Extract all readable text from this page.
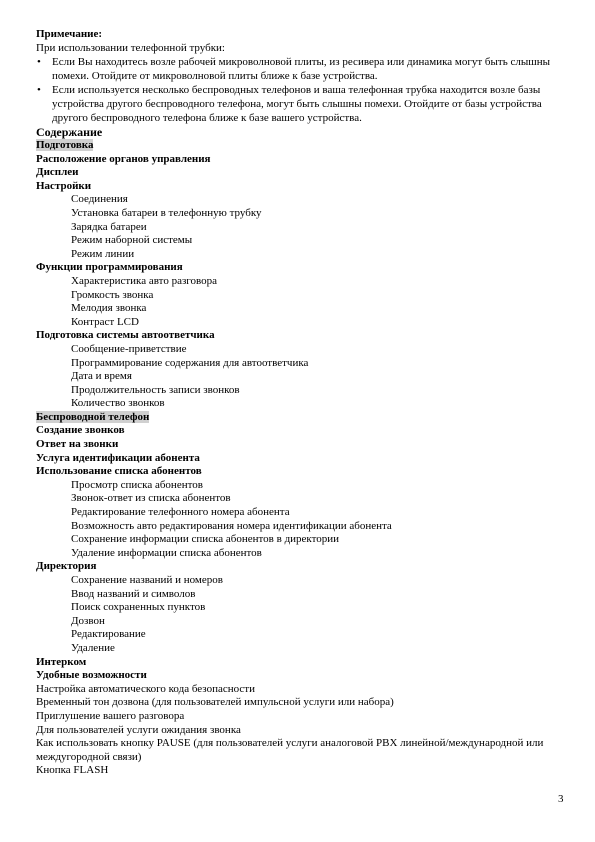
Примечание:
При использовании телефонной трубки:
• Если Вы находитесь возле рабочей микроволновой плиты, из ресивера или динамика могут быть слышны помехи. Отойдите от микроволновой плиты ближе к базе устройства.
• Если используется несколько беспроводных телефонов и ваша телефонная трубка находится возле базы устройства другого беспроводного телефона, могут быть слышны помехи. Отойдите от базы устройства другого беспроводного телефона ближе к базе вашего устройства.
Содержание
Подготовка
Расположение органов управления
Дисплеи
Настройки
Соединения
Установка батареи в телефонную трубку
Зарядка батареи
Режим наборной системы
Режим линии
Функции программирования
Характеристика авто разговора
Громкость звонка
Мелодия звонка
Контраст LCD
Подготовка системы автоответчика
Сообщение-приветствие
Программирование содержания для автоответчика
Дата и время
Продолжительность записи звонков
Количество звонков
Беспроводной телефон
Создание звонков
Ответ на звонки
Услуга идентификации абонента
Использование списка абонентов
Просмотр списка абонентов
Звонок-ответ из списка абонентов
Редактирование телефонного номера абонента
Возможность авто редактирования номера идентификации абонента
Сохранение информации списка абонентов в директории
Удаление информации списка абонентов
Директория
Сохранение названий и номеров
Ввод названий и символов
Поиск сохраненных пунктов
Дозвон
Редактирование
Удаление
Интерком
Удобные возможности
Настройка автоматического кода безопасности
Временный тон дозвона (для пользователей импульсной услуги или набора)
Приглушение вашего разговора
Для пользователей услуги ожидания звонка
Как использовать кнопку PAUSE (для пользователей услуги аналоговой PBX линейной/международной или междугородной связи)
Кнопка FLASH
3
